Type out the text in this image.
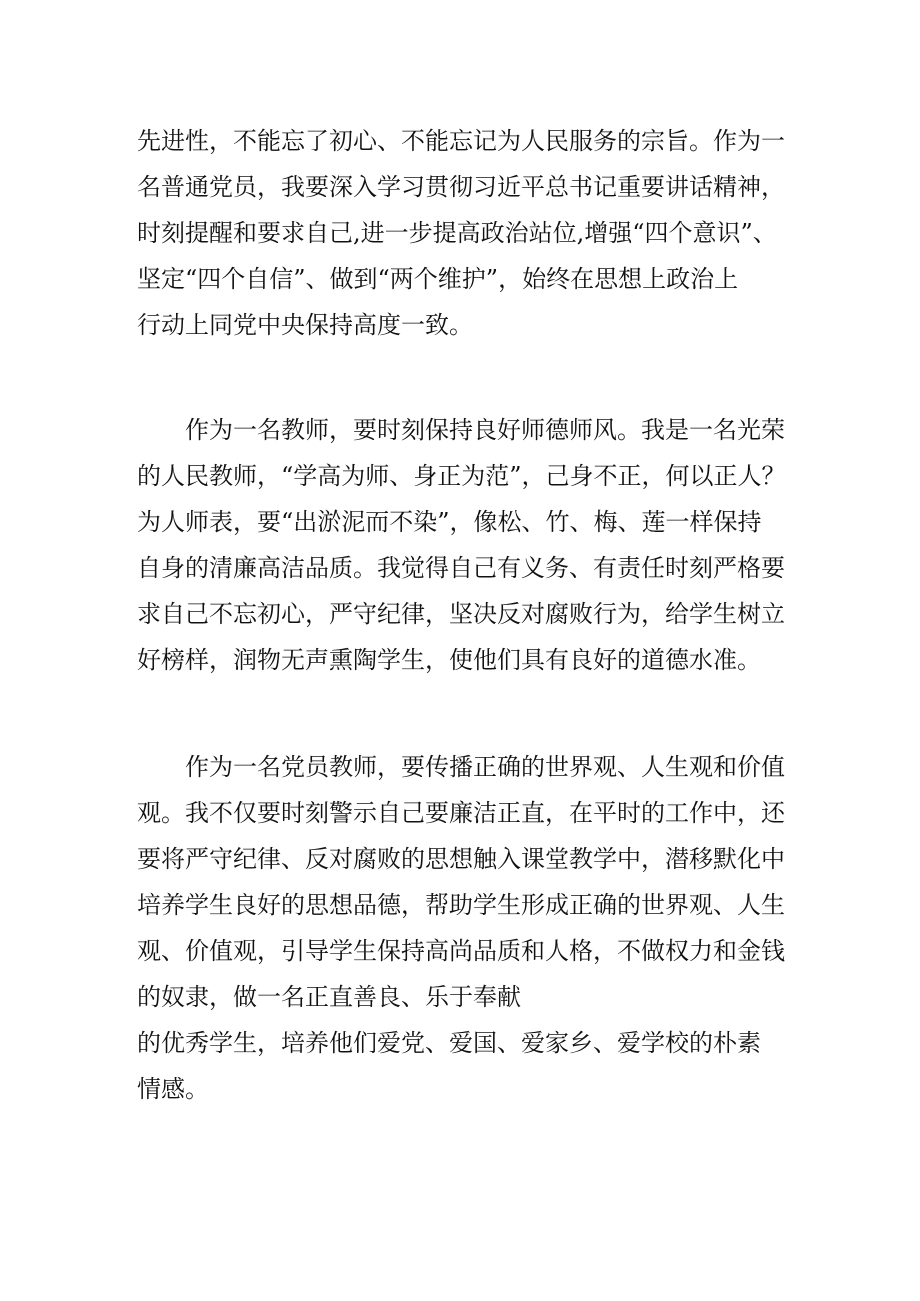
先进性，不能忘了初心、不能忘记为人民服务的宗旨。作为一
名普通党员，我要深入学习贯彻习近平总书记重要讲话精神，
时刻提醒和要求自己,进一步提高政治站位,增强“四个意识”、
坚定“四个自信”、做到“两个维护”，始终在思想上政治上
行动上同党中央保持高度一致。
作为一名教师，要时刻保持良好师德师风。我是一名光荣
的人民教师，“学高为师、身正为范”，己身不正，何以正人？
为人师表，要“出淤泥而不染”，像松、竹、梅、莲一样保持
自身的清廉高洁品质。我觉得自己有义务、有责任时刻严格要
求自己不忘初心，严守纪律，坚决反对腐败行为，给学生树立
好榜样，润物无声熏陶学生，使他们具有良好的道德水准。
作为一名党员教师，要传播正确的世界观、人生观和价值
观。我不仅要时刻警示自己要廉洁正直，在平时的工作中，还
要将严守纪律、反对腐败的思想触入课堂教学中，潜移默化中
培养学生良好的思想品德，帮助学生形成正确的世界观、人生
观、价值观，引导学生保持高尚品质和人格，不做权力和金钱
的奴隶，做一名正直善良、乐于奉献
的优秀学生，培养他们爱党、爱国、爱家乡、爱学校的朴素
情感。
